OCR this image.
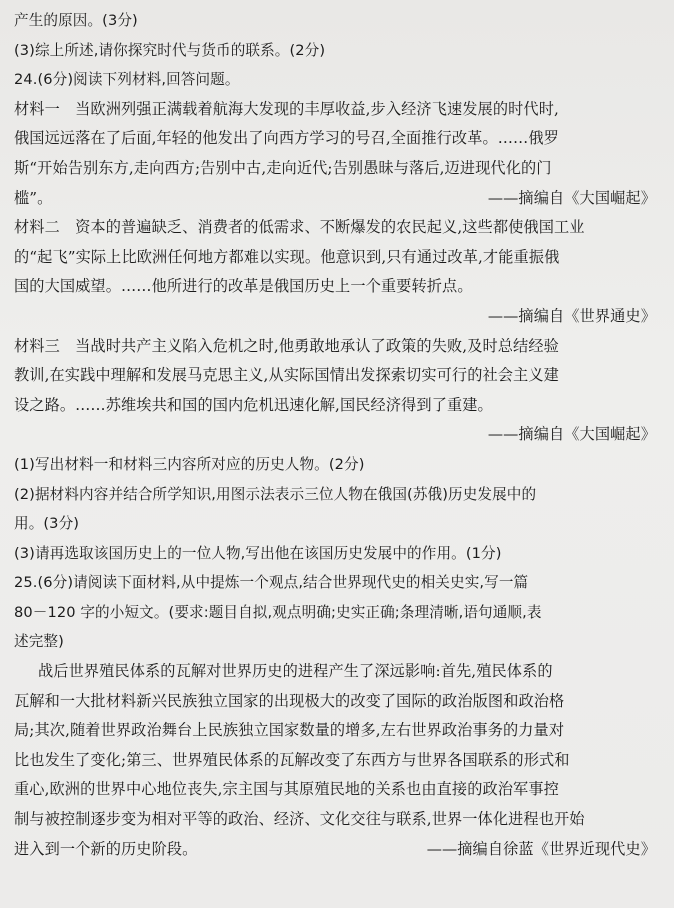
产生的原因。(3分)
(3)综上所述,请你探究时代与货币的联系。(2分)
24.(6分)阅读下列材料,回答问题。
材料一　当欧洲列强正满载着航海大发现的丰厚收益,步入经济飞速发展的时代时,
俄国远远落在了后面,年轻的他发出了向西方学习的号召,全面推行改革。……俄罗
斯“开始告别东方,走向西方;告别中古,走向近代;告别愚昧与落后,迈进现代化的门
槛”。	——摘编自《大国崛起》
材料二　资本的普遍缺乏、消费者的低需求、不断爆发的农民起义,这些都使俄国工业
的“起飞”实际上比欧洲任何地方都难以实现。他意识到,只有通过改革,才能重振俄
国的大国威望。……他所进行的改革是俄国历史上一个重要转折点。
——摘编自《世界通史》
材料三　当战时共产主义陷入危机之时,他勇敢地承认了政策的失败,及时总结经验
教训,在实践中理解和发展马克思主义,从实际国情出发探索切实可行的社会主义建
设之路。……苏维埃共和国的国内危机迅速化解,国民经济得到了重建。
——摘编自《大国崛起》
(1)写出材料一和材料三内容所对应的历史人物。(2分)
(2)据材料内容并结合所学知识,用图示法表示三位人物在俄国(苏俄)历史发展中的
用。(3分)
(3)请再选取该国历史上的一位人物,写出他在该国历史发展中的作用。(1分)
25.(6分)请阅读下面材料,从中提炼一个观点,结合世界现代史的相关史实,写一篇
80－120 字的小短文。(要求:题目自拟,观点明确;史实正确;条理清晰,语句通顺,表
述完整)
战后世界殖民体系的瓦解对世界历史的进程产生了深远影响:首先,殖民体系的
瓦解和一大批材料新兴民族独立国家的出现极大的改变了国际的政治版图和政治格
局;其次,随着世界政治舞台上民族独立国家数量的增多,左右世界政治事务的力量对
比也发生了变化;第三、世界殖民体系的瓦解改变了东西方与世界各国联系的形式和
重心,欧洲的世界中心地位丧失,宗主国与其原殖民地的关系也由直接的政治军事控
制与被控制逐步变为相对平等的政治、经济、文化交往与联系,世界一体化进程也开始
进入到一个新的历史阶段。	——摘编自徐蓝《世界近现代史》
